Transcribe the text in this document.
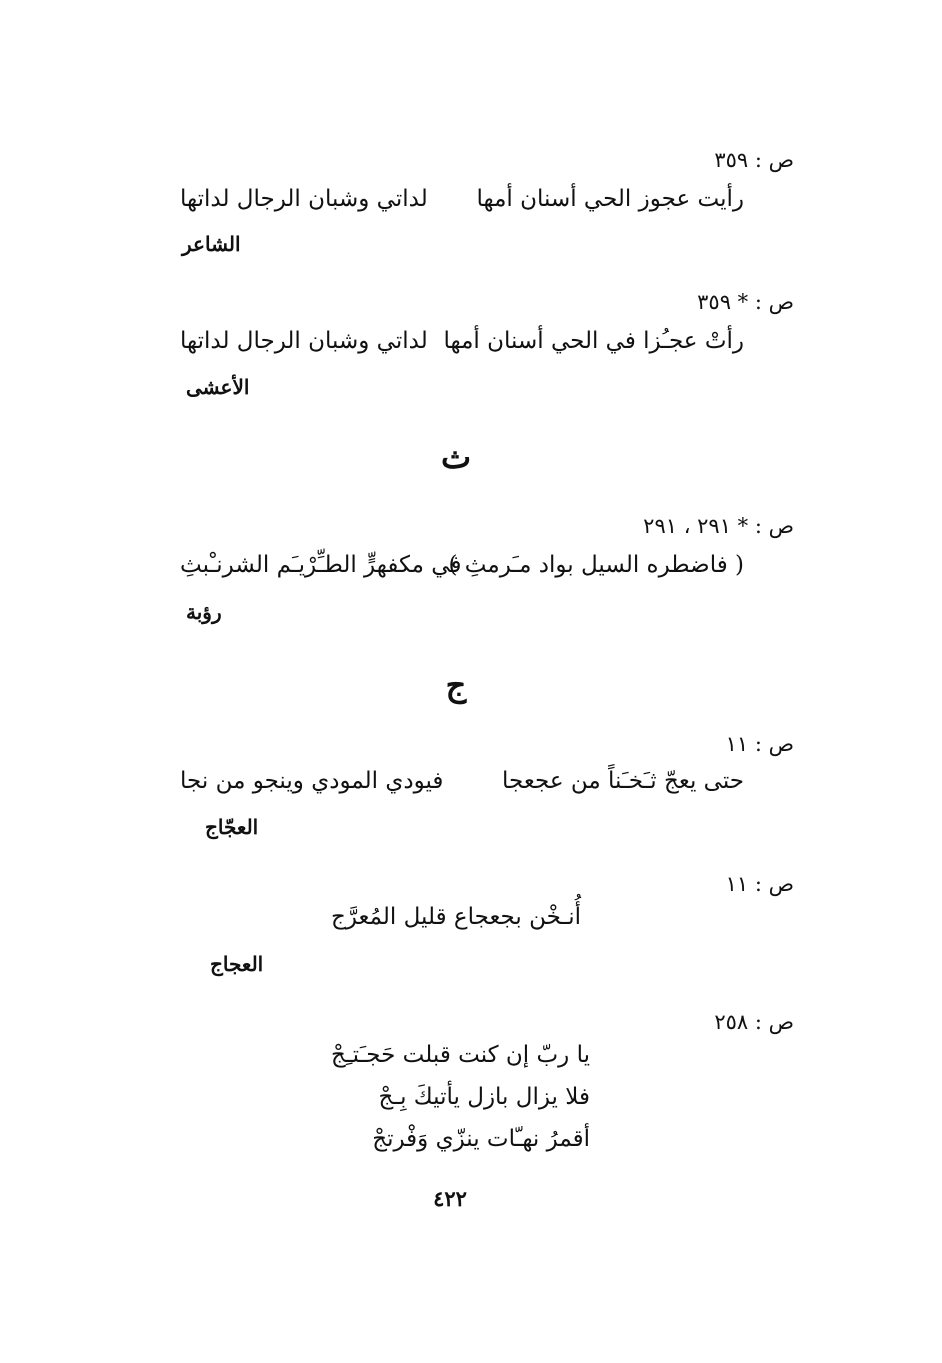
ص : ٣٥٩
رأيت عجوز الحي أسنان أمها
لداتي وشبان الرجال لداتها
الشاعر
ص : * ٣٥٩
رأتْ عجـُزا في الحي أسنان أمها
لداتي وشبان الرجال لداتها
الأعشى
ث
ص : * ٢٩١ ، ٢٩١
( فاضطره السيل بواد مـَرمثِ )
في مكفهرٍّ الطـِّرْيـَم الشرنـْبثِ
رؤبة
ج
ص : ١١
حتى يعجّ ثـَخـَناً من عجعجا
فيودي المودي وينجو من نجا
العجّاج
ص : ١١
أُنـخْن بجعجاع قليل المُعرَّج
العجاج
ص : ٢٥٨
يا ربّ إن كنت قبلت حَجـَتـِجْ
فلا يزال بازل يأتيكَ بِـجْ
أقمرُ نهـّات ينزّي وَفْرتجْ
٤٢٢
